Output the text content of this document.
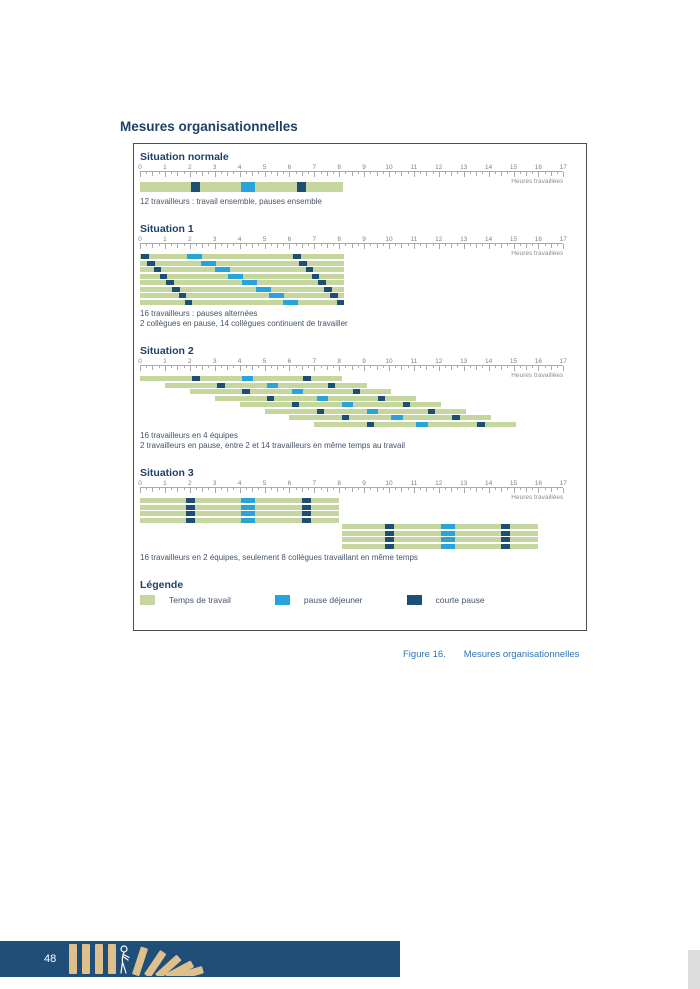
Mesures organisationnelles
Situation normale
0	1	2	3	4	5	6	7	8	9	10	11	12	13	14	15	16	17
Heures travaillées

12 travailleurs : travail ensemble, pauses ensemble

Situation 1
0	1	2	3	4	5	6	7	8	9	10	11	12	13	14	15	16	17
Heures travaillées

16 travailleurs : pauses alternées

2 collègues en pause, 14 collègues continuent de travailler

Situation 2
0	1	2	3	4	5	6	7	8	9	10	11	12	13	14	15	16	17
Heures travaillées

16 travailleurs en 4 équipes

2 travailleurs en pause, entre 2 et 14 travailleurs en même temps au travail

Situation 3
0	1	2	3	4	5	6	7	8	9	10	11	12	13	14	15	16	17
Heures travaillées

16 travailleurs en 2 équipes, seulement 8 collègues travaillant en même temps

Légende
Temps de travail	pause déjeuner	courte pause

Figure 16. Mesures organisationnelles

48
